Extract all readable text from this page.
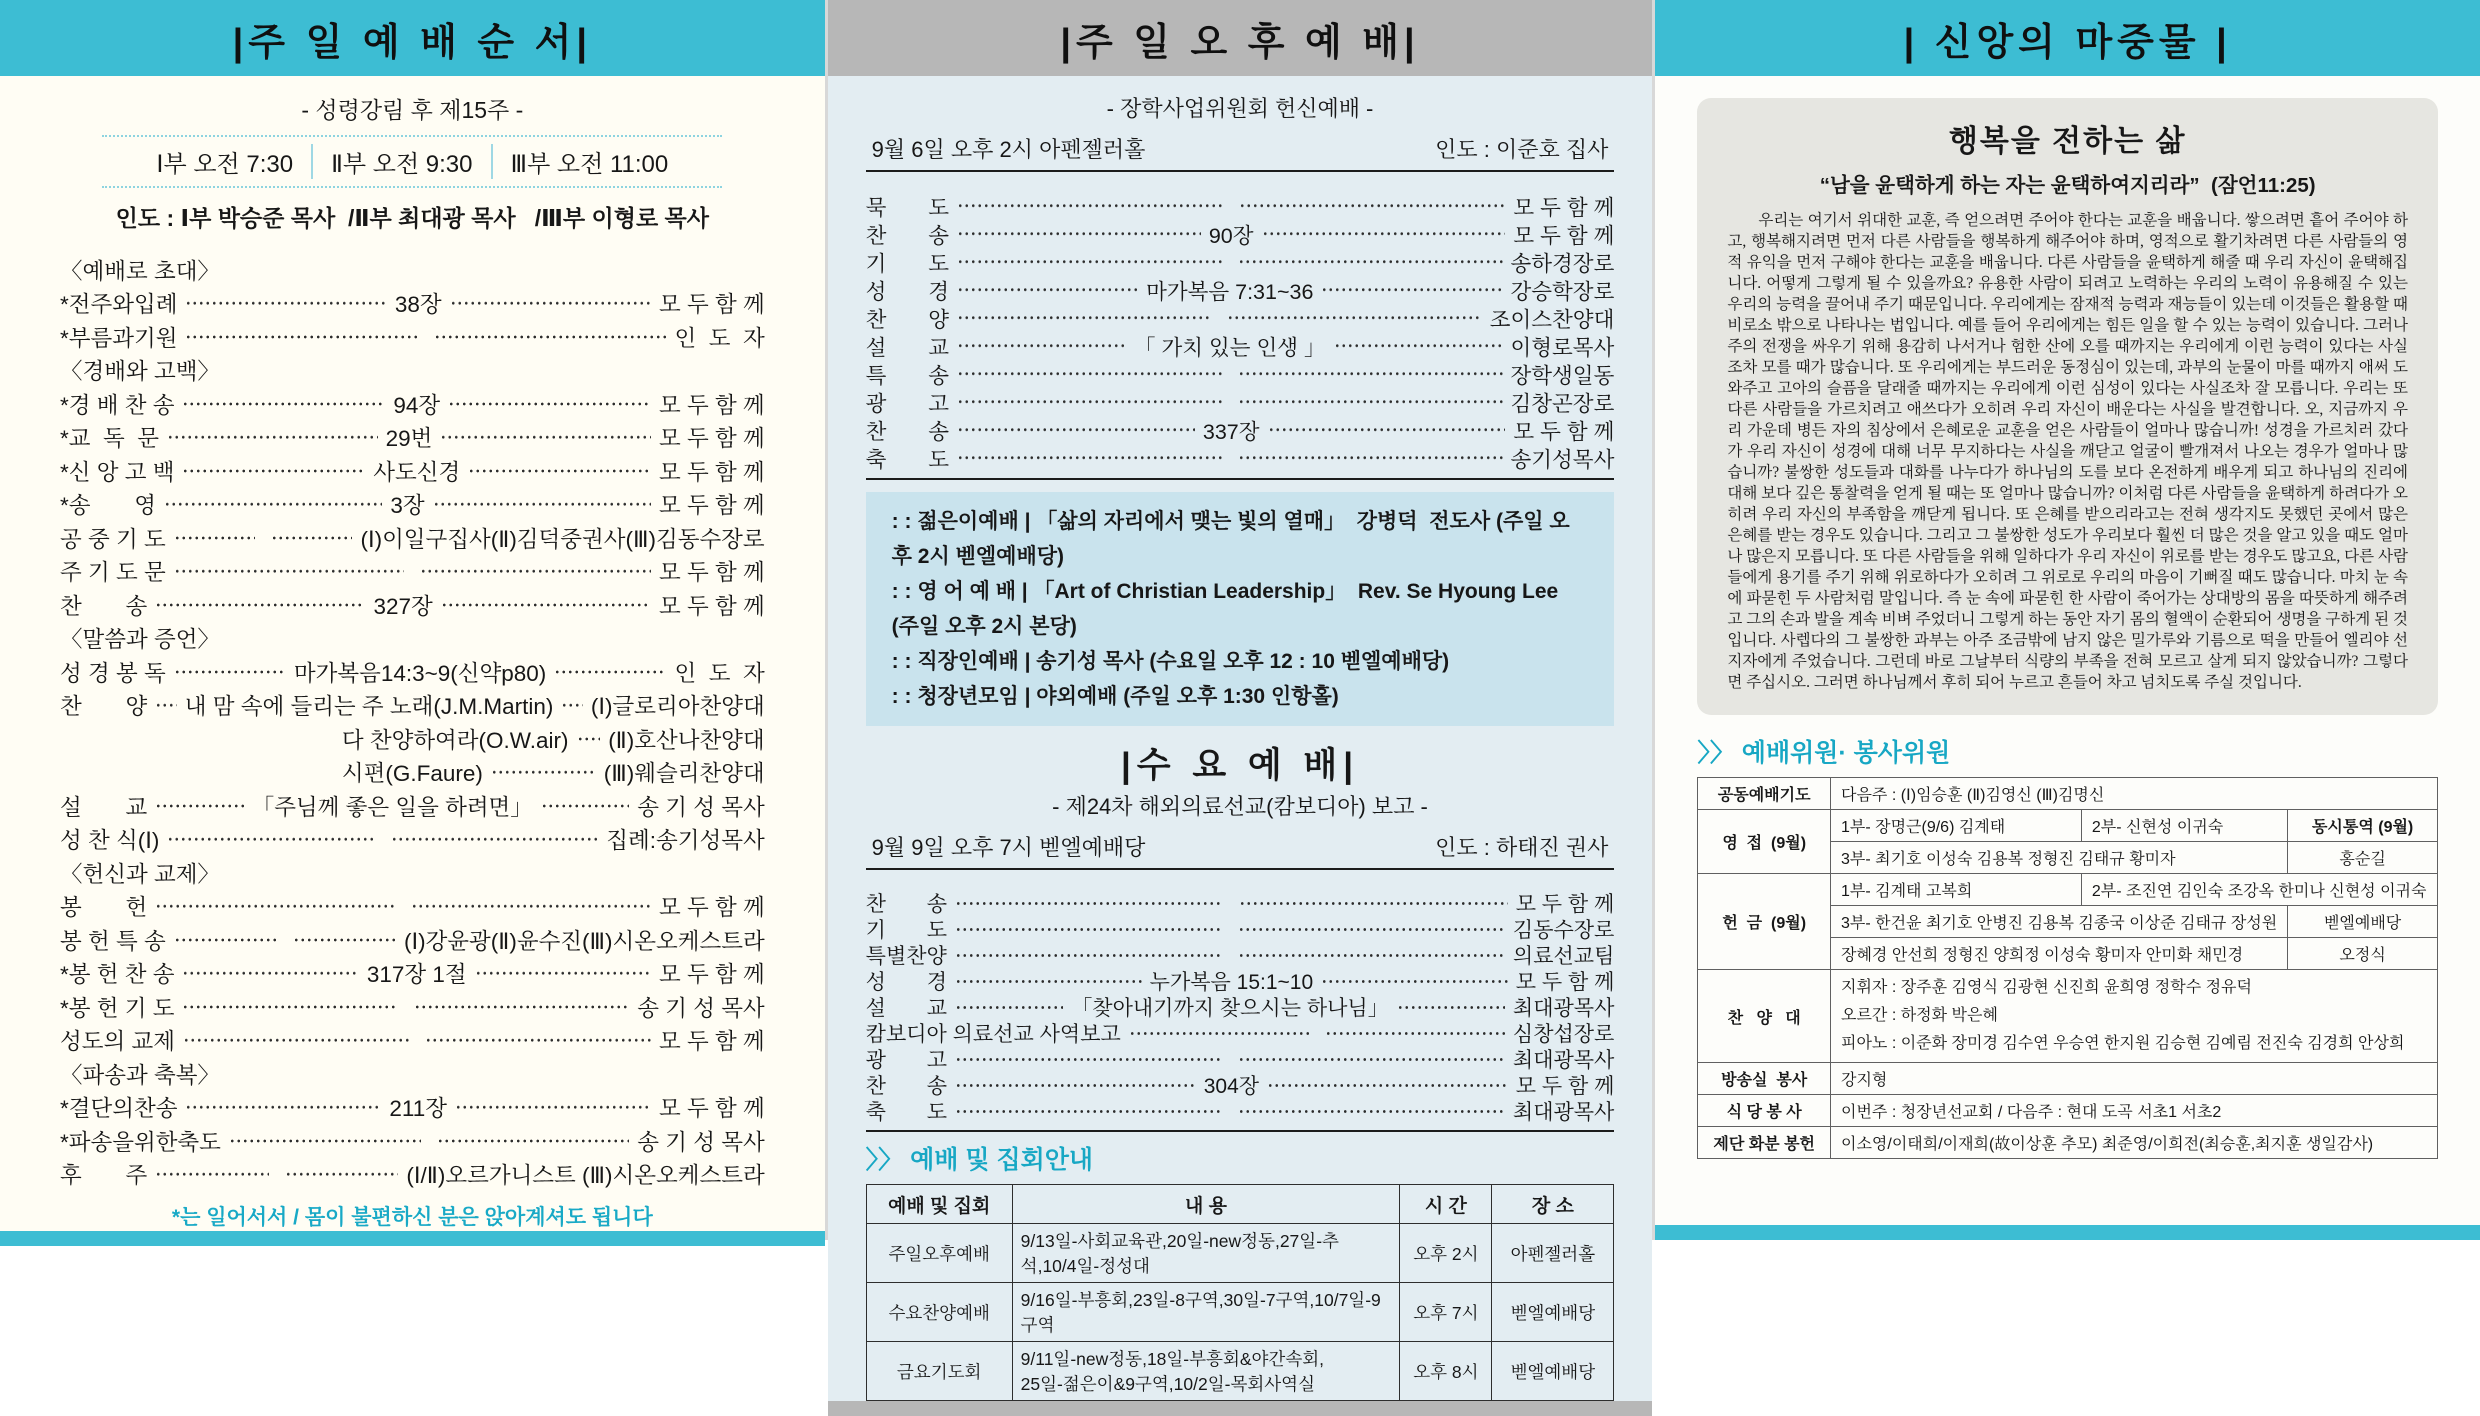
|주 일 예 배 순 서|
- 성령강림 후 제15주 -
Ⅰ부 오전 7:30	Ⅱ부 오전 9:30	Ⅲ부 오전 11:00
인도 : Ⅰ부 박승준 목사  /Ⅱ부 최대광 목사   /Ⅲ부 이형로 목사
〈예배로 초대〉
*전주와입례	38장	모 두 함 께
*부름과기원	인  도  자
〈경배와 고백〉
*경 배 찬 송	94장	모 두 함 께
*교  독  문	29번	모 두 함 께
*신 앙 고 백	사도신경	모 두 함 께
*송       영	3장	모 두 함 께
공 중 기 도	(Ⅰ)이일구집사(Ⅱ)김덕중권사(Ⅲ)김동수장로
주 기 도 문	모 두 함 께
찬       송	327장	모 두 함 께
〈말씀과 증언〉
성 경 봉 독	마가복음14:3~9(신약p80)	인  도  자
찬       양 내 맘 속에 들리는 주 노래(J.M.Martin) (Ⅰ)글로리아찬양대
다 찬양하여라(O.W.air) (Ⅱ)호산나찬양대
시편(G.Faure)	(Ⅲ)웨슬리찬양대
설       교	「주님께 좋은 일을 하려면」	송 기 성 목사
성 찬 식(Ⅰ)	집례:송기성목사
〈헌신과 교제〉
봉       헌	모 두 함 께
봉 헌 특 송	(Ⅰ)강윤광(Ⅱ)윤수진(Ⅲ)시온오케스트라
*봉 헌 찬 송	317장 1절	모 두 함 께
*봉 헌 기 도	송 기 성 목사
성도의 교제	모 두 함 께
〈파송과 축복〉
*결단의찬송	211장	모 두 함 께
*파송을위한축도	송 기 성 목사
후       주	(Ⅰ/Ⅱ)오르가니스트 (Ⅲ)시온오케스트라
*는 일어서서 / 몸이 불편하신 분은 앉아계셔도 됩니다
|주 일 오 후 예 배|
- 장학사업위원회 헌신예배 -
9월 6일 오후 2시 아펜젤러홀	인도 : 이준호 집사
묵       도	모 두 함 께
찬       송	90장	모 두 함 께
기       도	송하경장로
성       경	마가복음 7:31~36	강승학장로
찬       양	조이스찬양대
설       교	「 가치 있는 인생 」	이형로목사
특       송	장학생일동
광       고	김창곤장로
찬       송	337장	모 두 함 께
축       도	송기성목사
: : 젊은이예배 | 「삶의 자리에서 맺는 빛의 열매」  강병덕  전도사 (주일 오후 2시 벧엘예배당)
: : 영 어 예 배 | 「Art of Christian Leadership」  Rev. Se Hyoung Lee (주일 오후 2시 본당)
: : 직장인예배 | 송기성 목사 (수요일 오후 12 : 10 벧엘예배당)
: : 청장년모임 | 야외예배 (주일 오후 1:30 인항홀)
|수 요 예 배|
- 제24차 해외의료선교(캄보디아) 보고 -
9월 9일 오후 7시 벧엘예배당	인도 : 하태진 권사
찬       송	모 두 함 께
기       도	김동수장로
특별찬양	의료선교팀
성       경	누가복음 15:1~10	모 두 함 께
설       교	「찾아내기까지 찾으시는 하나님」	최대광목사
캄보디아 의료선교 사역보고	심창섭장로
광       고	최대광목사
찬       송	304장	모 두 함 께
축       도	최대광목사
〉〉 예배 및 집회안내
예배 및 집회	내 용	시 간	장 소
주일오후예배	9/13일-사회교육관,20일-new정동,27일-추석,10/4일-정성대	오후 2시	아펜젤러홀
수요찬양예배	9/16일-부흥회,23일-8구역,30일-7구역,10/7일-9구역	오후 7시	벧엘예배당
금요기도회	9/11일-new정동,18일-부흥회&야간속회,
25일-젊은이&9구역,10/2일-목회사역실	오후 8시	벧엘예배당
| 신앙의 마중물 |
행복을 전하는 삶
“남을 윤택하게 하는 자는 윤택하여지리라”  (잠언11:25)
우리는 여기서 위대한 교훈, 즉 얻으려면 주어야 한다는 교훈을 배웁니다. 쌓으려면 흩어 주어야 하고, 행복해지려면 먼저 다른 사람들을 행복하게 해주어야 하며, 영적으로 활기차려면 다른 사람들의 영적 유익을 먼저 구해야 한다는 교훈을 배웁니다. 다른 사람들을 윤택하게 해줄 때 우리 자신이 윤택해집니다. 어떻게 그렇게 될 수 있을까요? 유용한 사람이 되려고 노력하는 우리의 노력이 유용해질 수 있는 우리의 능력을 끌어내 주기 때문입니다. 우리에게는 잠재적 능력과 재능들이 있는데 이것들은 활용할 때 비로소 밖으로 나타나는 법입니다. 예를 들어 우리에게는 힘든 일을 할 수 있는 능력이 있습니다. 그러나 주의 전쟁을 싸우기 위해 용감히 나서거나 험한 산에 오를 때까지는 우리에게 이런 능력이 있다는 사실조차 모를 때가 많습니다. 또 우리에게는 부드러운 동정심이 있는데, 과부의 눈물이 마를 때까지 애써 도와주고 고아의 슬픔을 달래줄 때까지는 우리에게 이런 심성이 있다는 사실조차 잘 모릅니다. 우리는 또 다른 사람들을 가르치려고 애쓰다가 오히려 우리 자신이 배운다는 사실을 발견합니다. 오, 지금까지 우리 가운데 병든 자의 침상에서 은혜로운 교훈을 얻은 사람들이 얼마나 많습니까! 성경을 가르치러 갔다가 우리 자신이 성경에 대해 너무 무지하다는 사실을 깨닫고 얼굴이 빨개져서 나오는 경우가 얼마나 많습니까? 불쌍한 성도들과 대화를 나누다가 하나님의 도를 보다 온전하게 배우게 되고 하나님의 진리에 대해 보다 깊은 통찰력을 얻게 될 때는 또 얼마나 많습니까? 이처럼 다른 사람들을 윤택하게 하려다가 오히려 우리 자신의 부족함을 깨닫게 됩니다. 또 은혜를 받으리라고는 전혀 생각지도 못했던 곳에서 많은 은혜를 받는 경우도 있습니다. 그리고 그 불쌍한 성도가 우리보다 훨씬 더 많은 것을 알고 있을 때도 얼마나 많은지 모릅니다. 또 다른 사람들을 위해 일하다가 우리 자신이 위로를 받는 경우도 많고요, 다른 사람들에게 용기를 주기 위해 위로하다가 오히려 그 위로로 우리의 마음이 기뻐질 때도 많습니다. 마치 눈 속에 파묻힌 두 사람처럼 말입니다. 즉 눈 속에 파묻힌 한 사람이 죽어가는 상대방의 몸을 따뜻하게 해주려고 그의 손과 발을 계속 비벼 주었더니 그렇게 하는 동안 자기 몸의 혈액이 순환되어 생명을 구하게 된 것입니다. 사렙다의 그 불쌍한 과부는 아주 조금밖에 남지 않은 밀가루와 기름으로 떡을 만들어 엘리야 선지자에게 주었습니다. 그런데 바로 그날부터 식량의 부족을 전혀 모르고 살게 되지 않았습니까? 그렇다면 주십시오. 그러면 하나님께서 후히 되어 누르고 흔들어 차고 넘치도록 주실 것입니다.
〉〉 예배위원· 봉사위원
공동예배기도	다음주 : (Ⅰ)임승훈 (Ⅱ)김영신 (Ⅲ)김명신		
영  접  (9월)	1부- 장명근(9/6) 김계태	2부- 신현성 이귀숙	동시통역 (9월)
	3부- 최기호 이성숙 김용복 정형진 김태규 황미자		홍순길
헌  금  (9월)	1부- 김계태 고복희	2부- 조진연 김인숙 조강옥 한미나 신현성 이귀숙	
	3부- 한건윤 최기호 안병진 김용복 김종국 이상준 김태규 장성원		벧엘예배당
	장혜경 안선희 정형진 양희정 이성숙 황미자 안미화 채민경		오정식
찬   양   대	지휘자 : 장주훈 김영식 김광현 신진희 윤희영 정학수 정유덕
오르간 : 하정화 박은혜
피아노 : 이준화 장미경 김수연 우승연 한지원 김승현 김예림 전진숙 김경희 안상희		

방송실  봉사	강지형		
식 당 봉 사	이번주 : 청장년선교회 / 다음주 : 현대 도곡 서초1 서초2		
제단 화분 봉헌	이소영/이태희/이재희(故이상훈 추모) 최준영/이희전(최승훈,최지훈 생일감사)		
